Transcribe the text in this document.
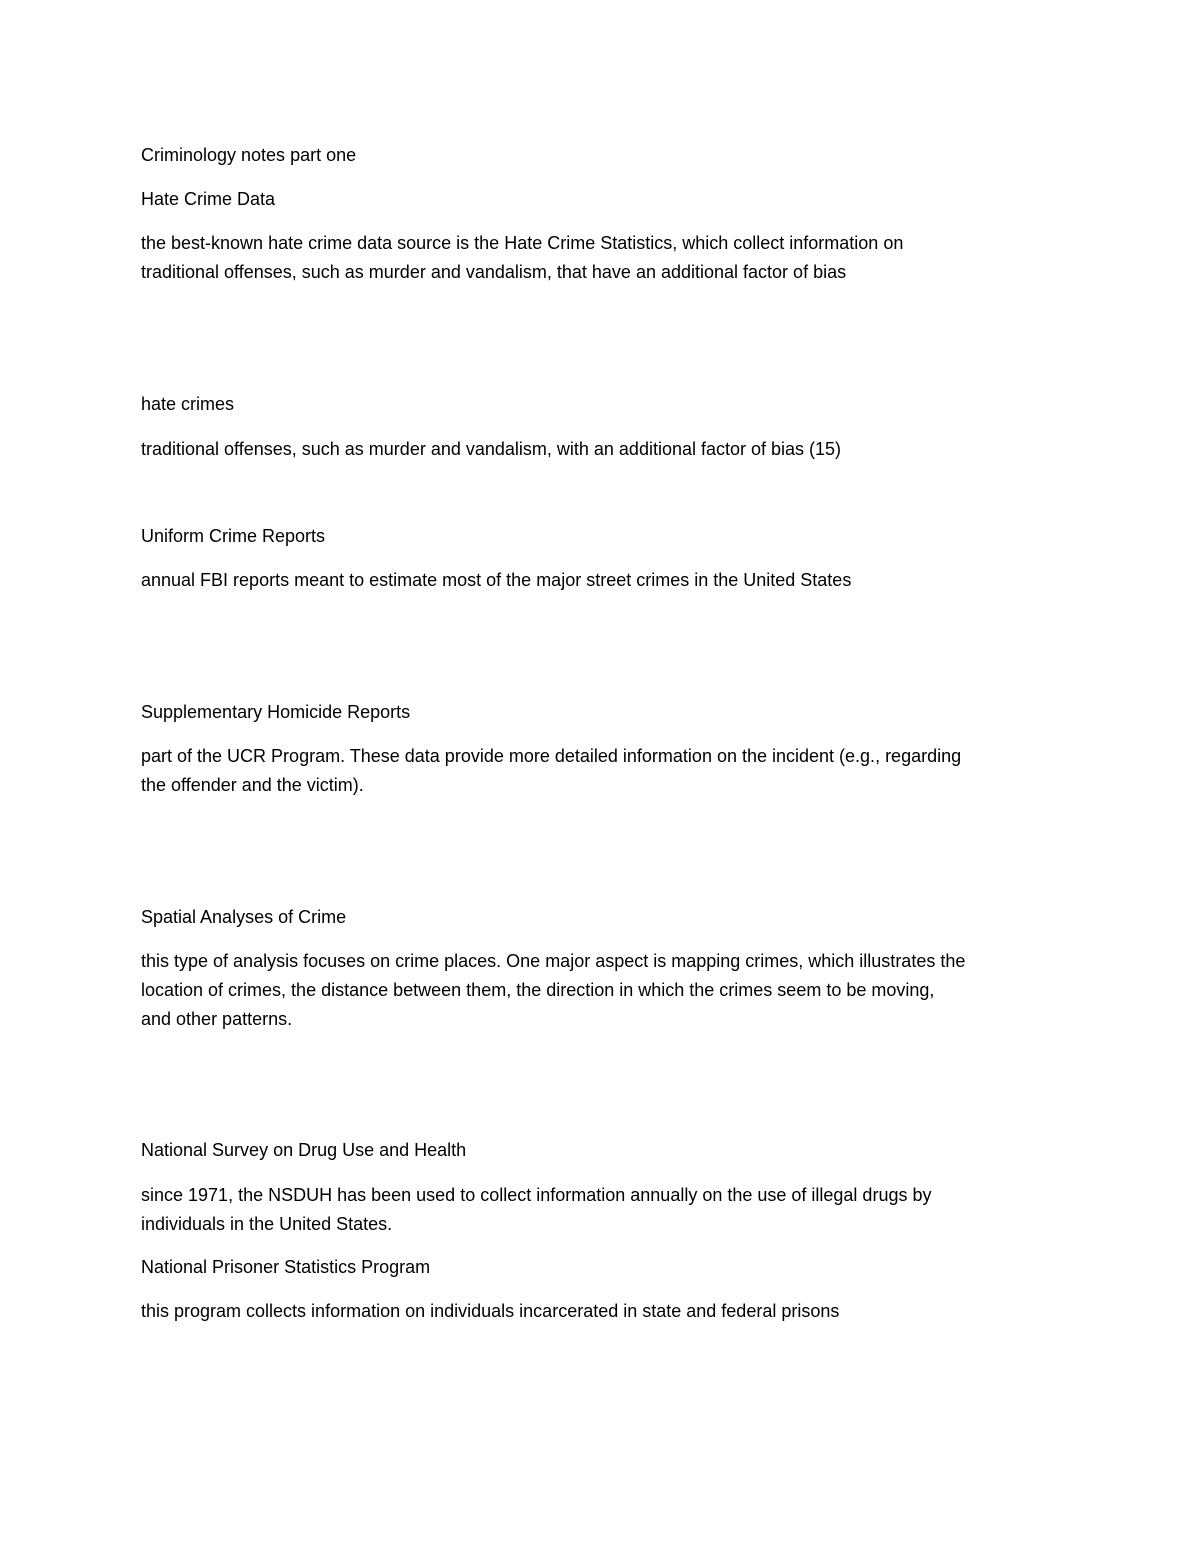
Criminology notes part one
Hate Crime Data
the best-known hate crime data source is the Hate Crime Statistics, which collect information on
traditional offenses, such as murder and vandalism, that have an additional factor of bias
hate crimes
traditional offenses, such as murder and vandalism, with an additional factor of bias (15)
Uniform Crime Reports
annual FBI reports meant to estimate most of the major street crimes in the United States
Supplementary Homicide Reports
part of the UCR Program. These data provide more detailed information on the incident (e.g., regarding
the offender and the victim).
Spatial Analyses of Crime
this type of analysis focuses on crime places. One major aspect is mapping crimes, which illustrates the
location of crimes, the distance between them, the direction in which the crimes seem to be moving,
and other patterns.
National Survey on Drug Use and Health
since 1971, the NSDUH has been used to collect information annually on the use of illegal drugs by
individuals in the United States.
National Prisoner Statistics Program
this program collects information on individuals incarcerated in state and federal prisons
